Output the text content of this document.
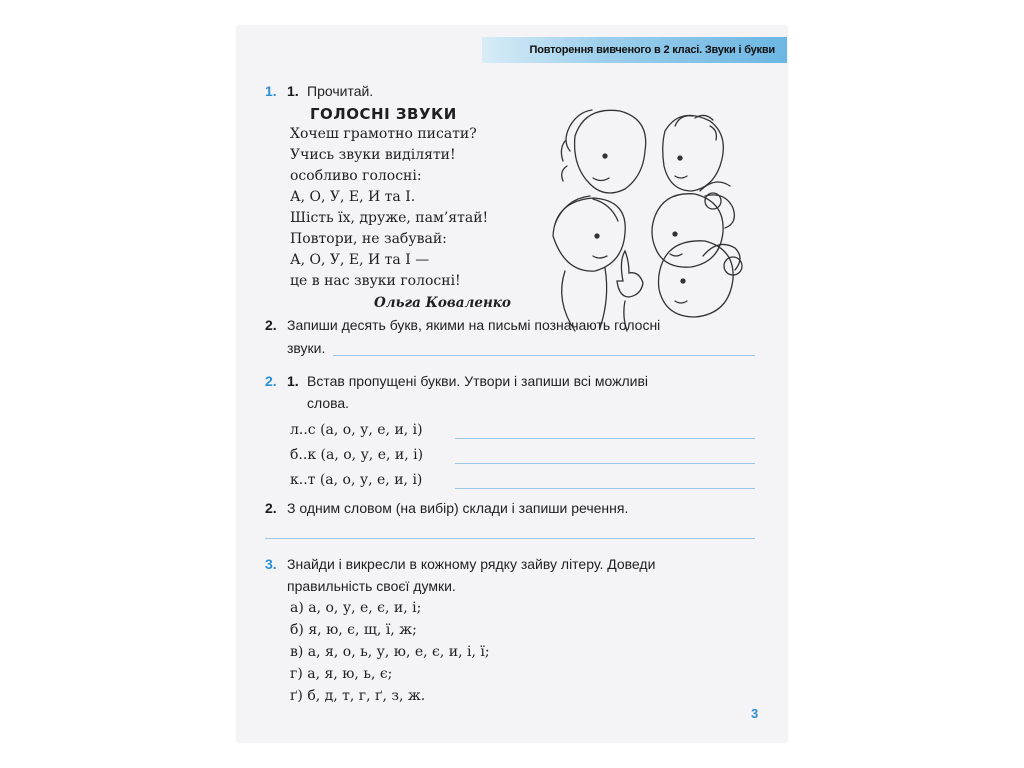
Повторення вивченого в 2 класі. Звуки і букви
1. 1. Прочитай.
ГОЛОСНІ ЗВУКИ
Хочеш грамотно писати?
Учись звуки виділяти!
особливо голосні:
А, О, У, Е, И та І.
Шість їх, друже, пам’ятай!
Повтори, не забувай:
А, О, У, Е, И та І —
це в нас звуки голосні!
Ольга Коваленко
2. Запиши десять букв, якими на письмі позначають голосні
звуки.
2. 1. Встав пропущені букви. Утвори і запиши всі можливі
слова.
л..с (а, о, у, е, и, і)
б..к (а, о, у, е, и, і)
к..т (а, о, у, е, и, і)
2. З одним словом (на вибір) склади і запиши речення.
3. Знайди і викресли в кожному рядку зайву літеру. Доведи
правильність своєї думки.
а) а, о, у, е, є, и, і;
б) я, ю, є, щ, ї, ж;
в) а, я, о, ь, у, ю, е, є, и, і, ї;
г) а, я, ю, ь, є;
ґ) б, д, т, г, ґ, з, ж.
3
